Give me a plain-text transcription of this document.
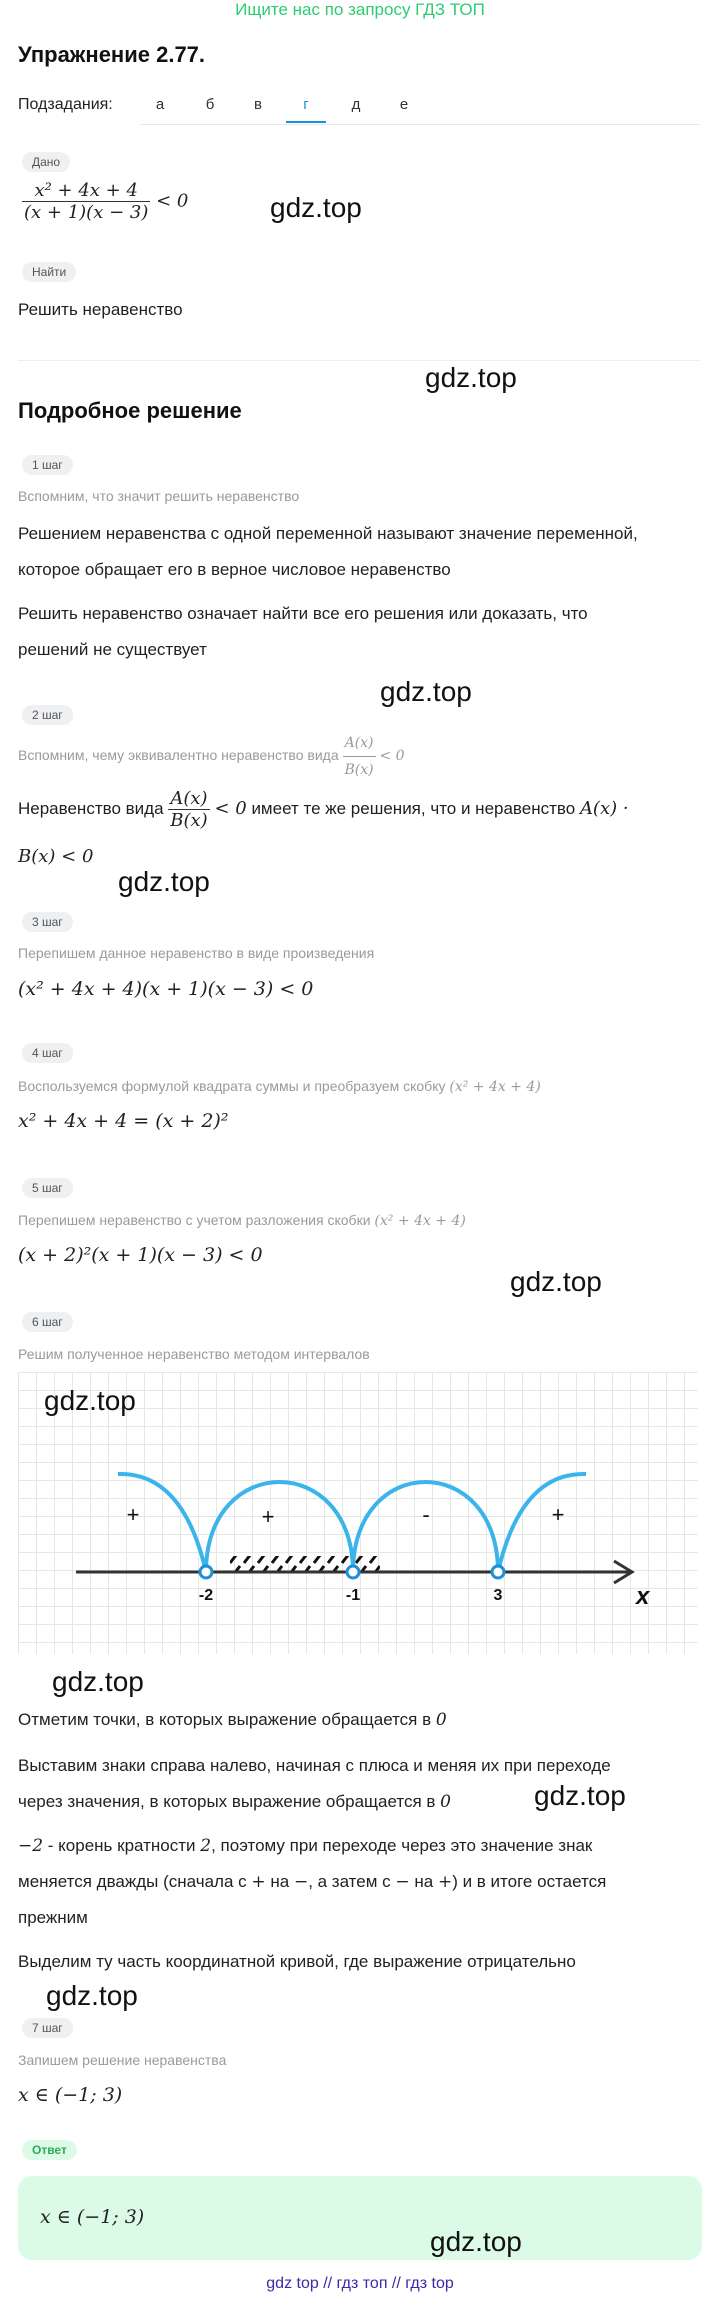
Ищите нас по запросу ГДЗ ТОП
Упражнение 2.77.
Подзадания:	а	б	в	г	д	е
Дано
$\frac{\text{x² + 4x + 4}}{(x + 1)(x - 3)} < 0$	gdz.top
Найти
Решить неравенство
gdz.top
Подробное решение
1 шаг
Вспомним, что значит решить неравенство
Решением неравенства с одной переменной называют значение переменной,
которое обращает его в верное числовое неравенство
Решить неравенство означает найти все его решения или доказать, что
решений не существует
gdz.top
2 шаг
Вспомним, чему эквивалентно неравенство вида $\frac{A(x)}{B(x)} < 0$
Неравенство вида $\frac{A(x)}{B(x)} < 0$ имеет те же решения, что и неравенство A(x) ·
B(x) < 0
gdz.top
3 шаг
Перепишем данное неравенство в виде произведения
(x² + 4x + 4)(x + 1)(x − 3) < 0
4 шаг
Воспользуемся формулой квадрата суммы и преобразуем скобку (x² + 4x + 4)
x² + 4x + 4 = (x + 2)²
5 шаг
Перепишем неравенство с учетом разложения скобки (x² + 4x + 4)
(x + 2)²(x + 1)(x − 3) < 0
gdz.top
6 шаг
Решим полученное неравенство методом интервалов
+	+	-	+
-2	-1	3	x
gdz.top
gdz.top
Отметим точки, в которых выражение обращается в 0
Выставим знаки справа налево, начиная с плюса и меняя их при переходе
через значения, в которых выражение обращается в 0	gdz.top
−2 - корень кратности 2, поэтому при переходе через это значение знак
меняется дважды (сначала с + на −, а затем с − на +) и в итоге остается
прежним
Выделим ту часть координатной кривой, где выражение отрицательно
gdz.top
7 шаг
Запишем решение неравенства
x ∈ (−1; 3)
Ответ
x ∈ (−1; 3)
gdz.top
gdz top // гдз топ // гдз top
